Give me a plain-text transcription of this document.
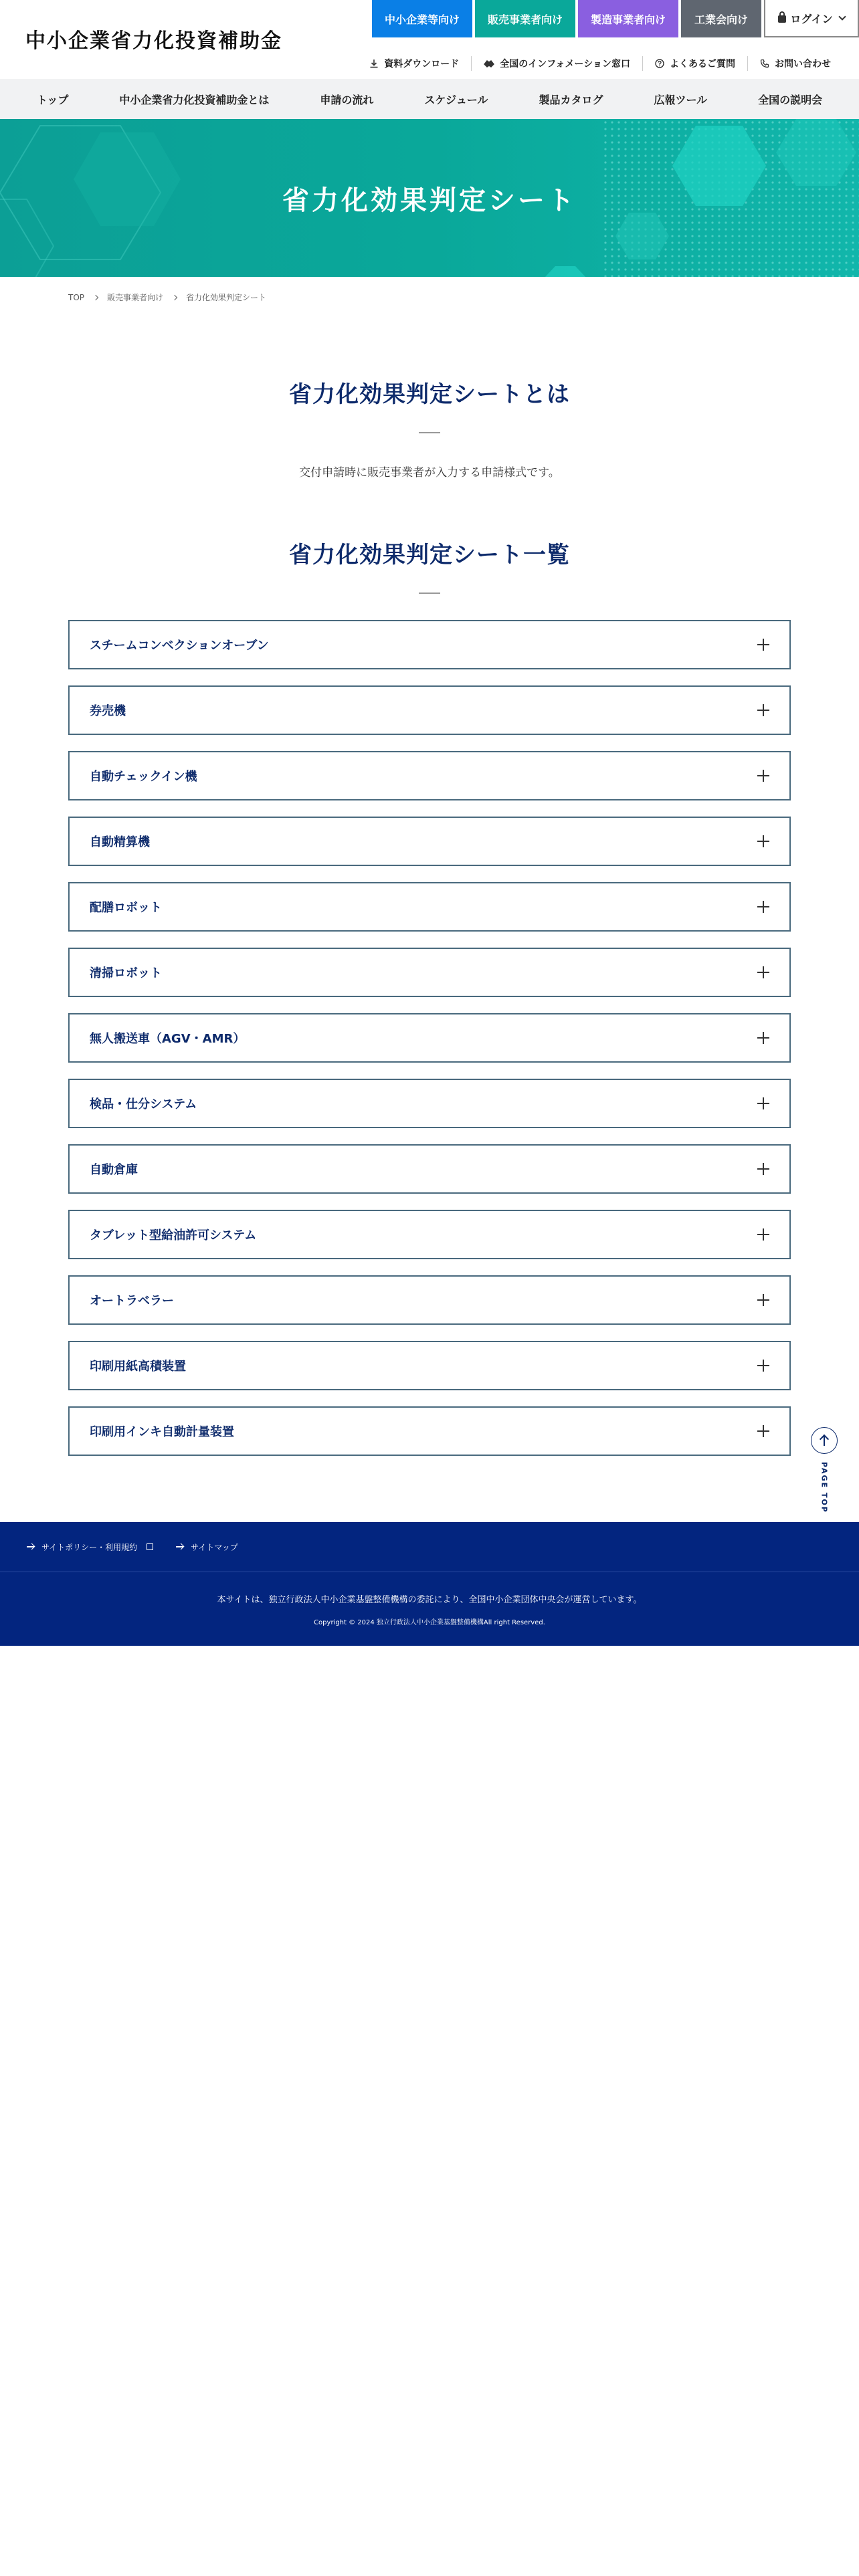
中小企業省力化投資補助金
中小企業等向け	販売事業者向け	製造事業者向け	工業会向け	ログイン
資料ダウンロード	全国のインフォメーション窓口	よくあるご質問	お問い合わせ
トップ	中小企業省力化投資補助金とは	申請の流れ	スケジュール	製品カタログ	広報ツール	全国の説明会
省力化効果判定シート
TOP	販売事業者向け	省力化効果判定シート
省力化効果判定シートとは

交付申請時に販売事業者が入力する申請様式です。

省力化効果判定シート一覧
スチームコンベクションオーブン
券売機
自動チェックイン機
自動精算機
配膳ロボット
清掃ロボット
無人搬送車（AGV・AMR）
検品・仕分システム
自動倉庫
タブレット型給油許可システム
オートラベラー
印刷用紙高積装置
印刷用インキ自動計量装置
PAGE TOP
サイトポリシー・利用規約	サイトマップ

本サイトは、独立行政法人中小企業基盤整備機構の委託により、全国中小企業団体中央会が運営しています。

Copyright © 2024 独立行政法人中小企業基盤整備機構All right Reserved.
